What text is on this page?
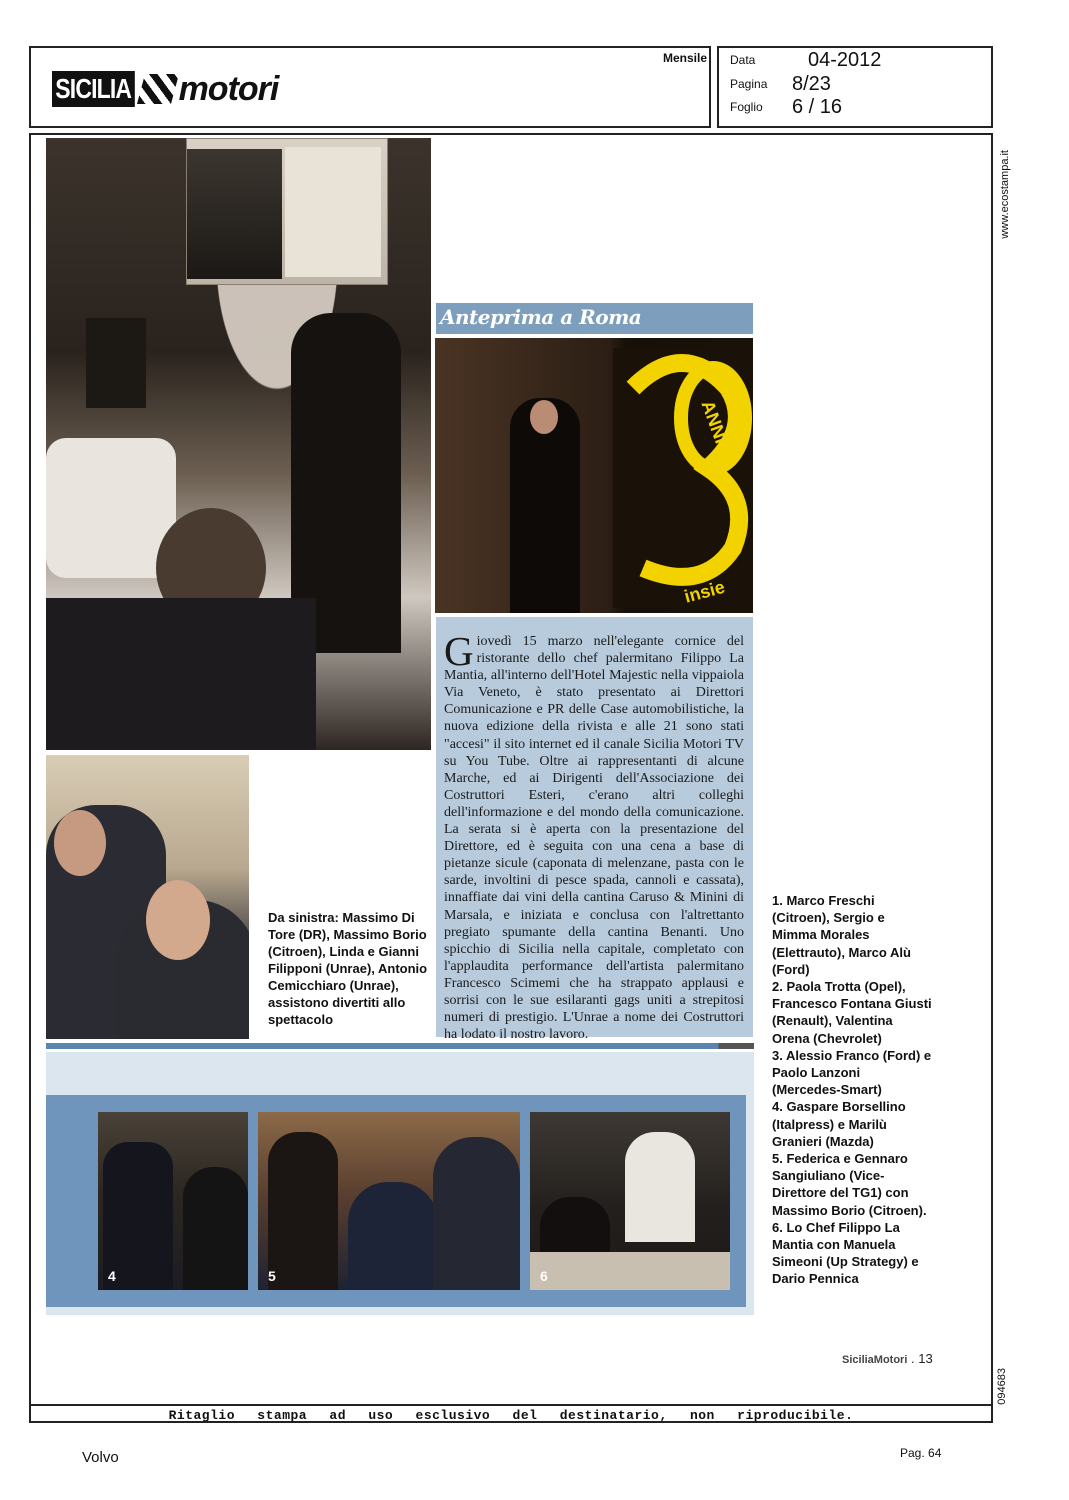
SICILIA motori
Mensile Data	04-2012
Pagina 8/23
Foglio 6 / 16
www.ecostampa.it
094683
Anteprima a Roma
ANNI
insie
Giovedì 15 marzo nell'elegante cornice del ristorante dello chef palermitano Filippo La Mantia, all'interno dell'Hotel Majestic nella vippaiola Via Veneto, è stato presentato ai Direttori Comunicazione e PR delle Case automobilistiche, la nuova edizione della rivista e alle 21 sono stati "accesi" il sito internet ed il canale Sicilia Motori TV su You Tube. Oltre ai rappresentanti di alcune Marche, ed ai Dirigenti dell'Associazione dei Costruttori Esteri, c'erano altri colleghi dell'informazione e del mondo della comunicazione. La serata si è aperta con la presentazione del Direttore, ed è seguita con una cena a base di pietanze sicule (caponata di melenzane, pasta con le sarde, involtini di pesce spada, cannoli e cassata), innaffiate dai vini della cantina Caruso & Minini di Marsala, e iniziata e conclusa con l'altrettanto pregiato spumante della cantina Benanti. Uno spicchio di Sicilia nella capitale, completato con l'applaudita performance dell'artista palermitano Francesco Scimemi che ha strappato applausi e sorrisi con le sue esilaranti gags uniti a strepitosi numeri di prestigio. L'Unrae a nome dei Costruttori ha lodato il nostro lavoro.
Da sinistra: Massimo Di Tore (DR), Massimo Borio (Citroen), Linda e Gianni Filipponi (Unrae), Antonio Cemicchiaro (Unrae), assistono divertiti allo spettacolo
4	5	6
1. Marco Freschi (Citroen), Sergio e Mimma Morales (Elettrauto), Marco Alù (Ford)
2. Paola Trotta (Opel), Francesco Fontana Giusti (Renault), Valentina Orena (Chevrolet)
3. Alessio Franco (Ford) e Paolo Lanzoni (Mercedes-Smart)
4. Gaspare Borsellino (Italpress) e Marilù Granieri (Mazda)
5. Federica e Gennaro Sangiuliano (Vice-Direttore del TG1) con Massimo Borio (Citroen).
6. Lo Chef Filippo La Mantia con Manuela Simeoni (Up Strategy) e Dario Pennica
SiciliaMotori . 13
Ritaglio stampa ad uso esclusivo del destinatario, non riproducibile.
Volvo	Pag. 64
